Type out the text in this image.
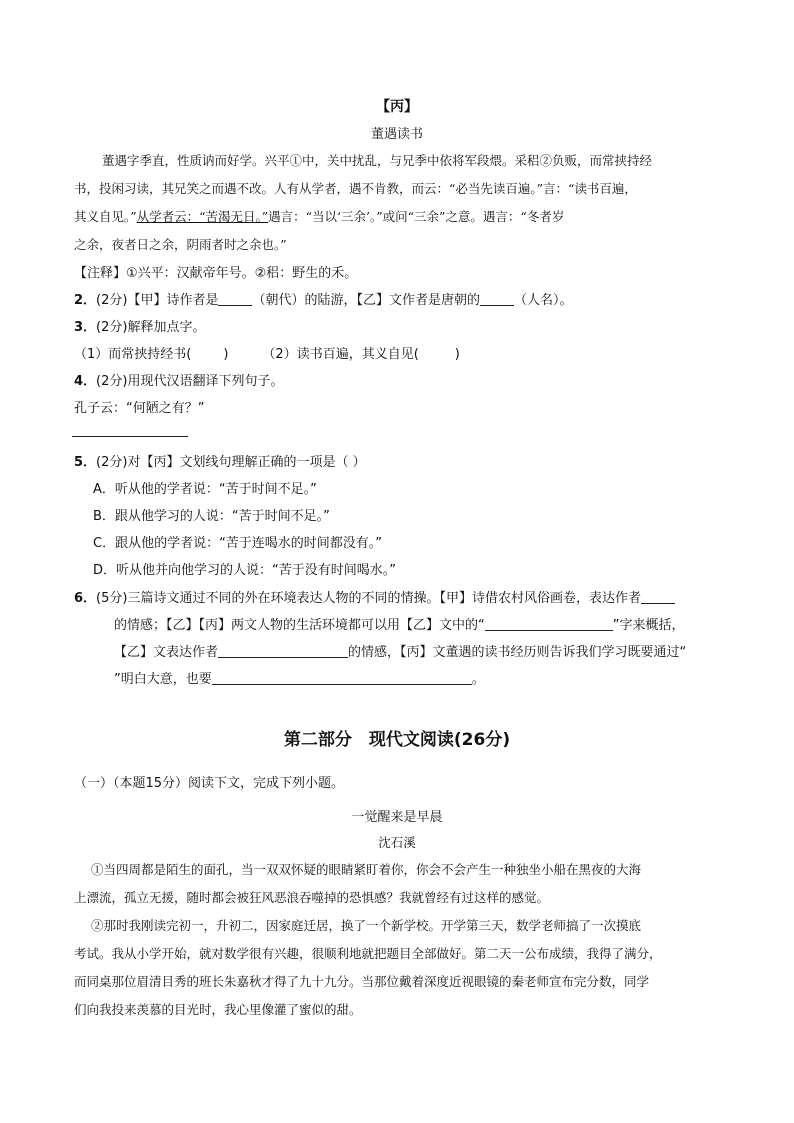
【丙】
董遇读书
董遇字季直，性质讷而好学。兴平①中，关中扰乱，与兄季中依将军段煨。采稆②负贩，而常挟持经
书，投闲习读，其兄笑之而遇不改。人有从学者，遇不肯教，而云：“必当先读百遍。”言：“读书百遍，
其义自见。”从学者云：“苦渴无日。”遇言：“当以‘三余’。”或问“三余”之意。遇言：“冬者岁
之余，夜者日之余，阴雨者时之余也。”
【注释】①兴平：汉献帝年号。②稆：野生的禾。
2．(2分)【甲】诗作者是	（朝代）的陆游，【乙】文作者是唐朝的	（人名）。
3．(2分)解释加点字。
（1）而常挟持经书( )	（2）读书百遍，其义自见(	)
4．(2分)用现代汉语翻译下列句子。
孔子云：“何陋之有？”
5．(2分)对【丙】文划线句理解正确的一项是（ ）
A．听从他的学者说：“苦于时间不足。”
B．跟从他学习的人说：“苦于时间不足。”
C．跟从他的学者说：“苦于连喝水的时间都没有。”
D．听从他并向他学习的人说：“苦于没有时间喝水。”
6．(5分)三篇诗文通过不同的外在环境表达人物的不同的情操。【甲】诗借农村风俗画卷，表达作者
的情感；【乙】【丙】两文人物的生活环境都可以用【乙】文中的“	”字来概括，
【乙】文表达作者	的情感，【丙】文董遇的读书经历则告诉我们学习既要通过“
”明白大意，也要	。
第二部分　现代文阅读(26分)
（一）（本题15分）阅读下文，完成下列小题。
一觉醒来是早晨
沈石溪
①当四周都是陌生的面孔，当一双双怀疑的眼睛紧盯着你，你会不会产生一种独坐小船在黑夜的大海
上漂流，孤立无援，随时都会被狂风恶浪吞噬掉的恐惧感？我就曾经有过这样的感觉。
②那时我刚读完初一，升初二，因家庭迁居，换了一个新学校。开学第三天，数学老师搞了一次摸底
考试。我从小学开始，就对数学很有兴趣，很顺利地就把题目全部做好。第二天一公布成绩，我得了满分，
而同桌那位眉清目秀的班长朱嘉秋才得了九十九分。当那位戴着深度近视眼镜的秦老师宣布完分数，同学
们向我投来羡慕的目光时，我心里像灌了蜜似的甜。
